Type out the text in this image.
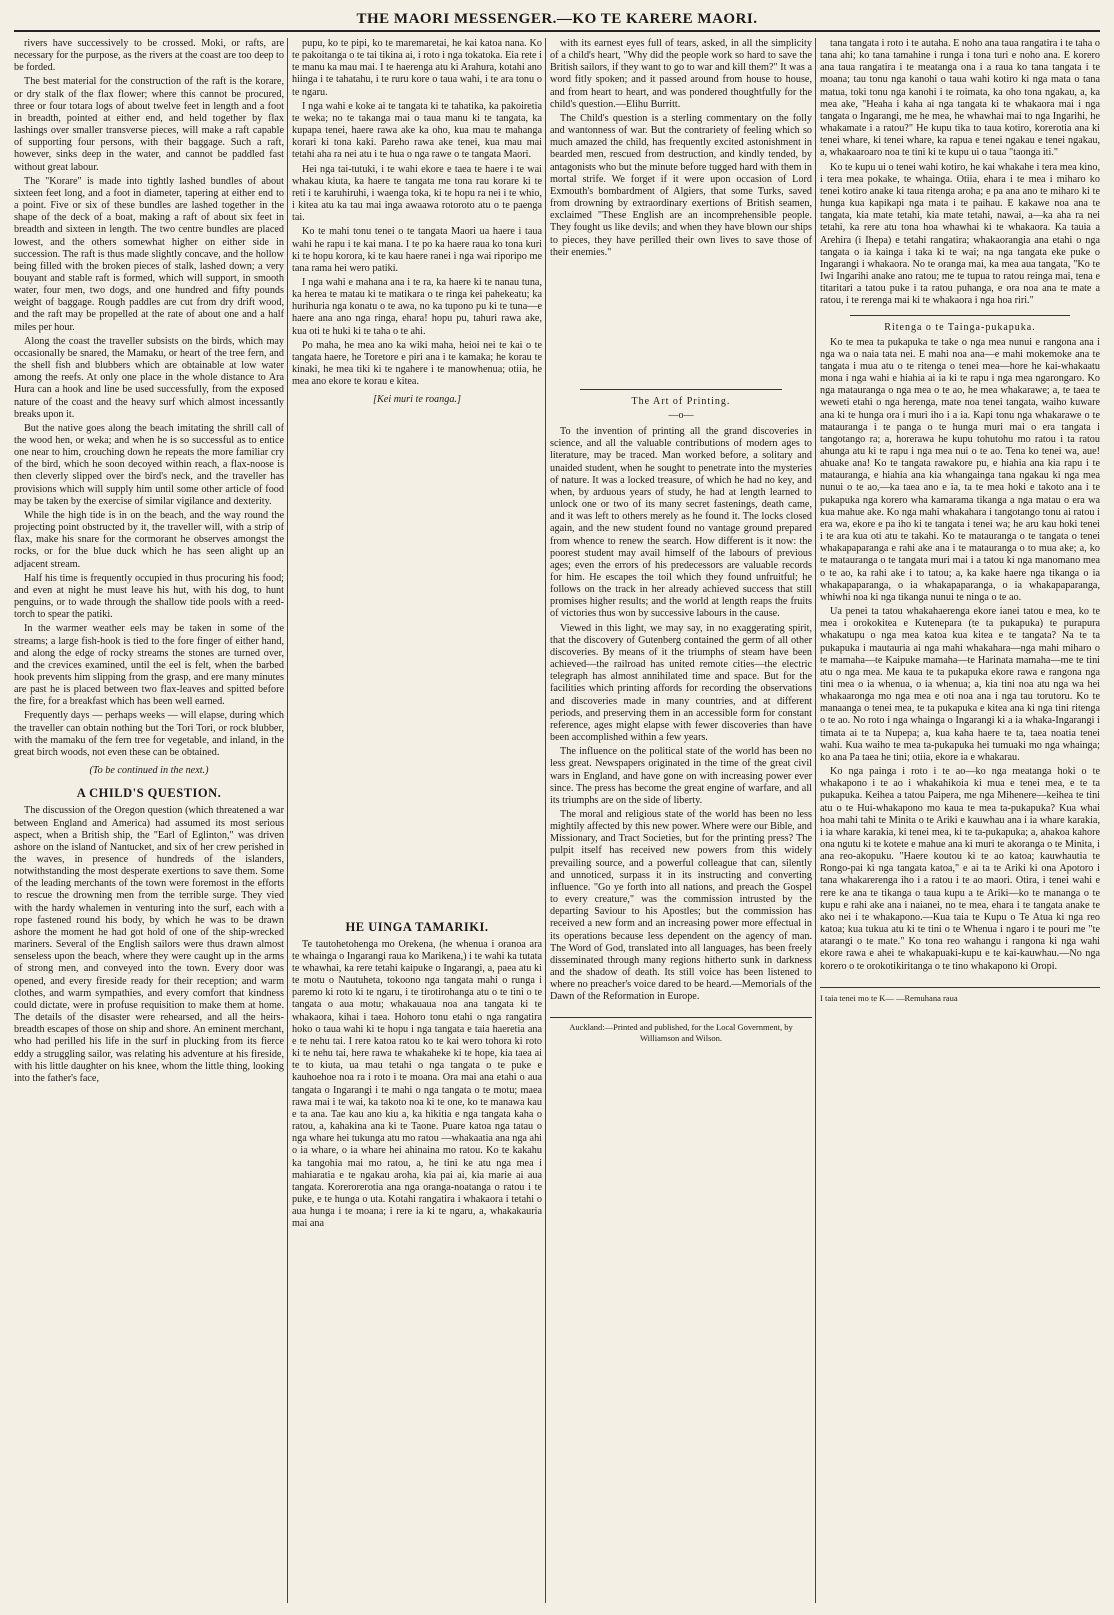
THE MAORI MESSENGER.—KO TE KARERE MAORI.

rivers have successively to be crossed. Moki, or rafts, are necessary for the purpose, as the rivers at the coast are too deep to be forded.

The best material for the construction of the raft is the korare, or dry stalk of the flax flower; where this cannot be procured, three or four totara logs of about twelve feet in length and a foot in breadth, pointed at either end, and held together by flax lashings over smaller transverse pieces, will make a raft capable of supporting four persons, with their baggage. Such a raft, however, sinks deep in the water, and cannot be paddled fast without great labour.

The "Korare" is made into tightly lashed bundles of about sixteen feet long, and a foot in diameter, tapering at either end to a point. Five or six of these bundles are lashed together in the shape of the deck of a boat, making a raft of about six feet in breadth and sixteen in length. The two centre bundles are placed lowest, and the others somewhat higher on either side in succession. The raft is thus made slightly concave, and the hollow being filled with the broken pieces of stalk, lashed down; a very bouyant and stable raft is formed, which will support, in smooth water, four men, two dogs, and one hundred and fifty pounds weight of baggage. Rough paddles are cut from dry drift wood, and the raft may be propelled at the rate of about one and a half miles per hour.

Along the coast the traveller subsists on the birds, which may occasionally be snared, the Mamaku, or heart of the tree fern, and the shell fish and blubbers which are obtainable at low water among the reefs. At only one place in the whole distance to Ara Hura can a hook and line be used successfully, from the exposed nature of the coast and the heavy surf which almost incessantly breaks upon it.

But the native goes along the beach imitating the shrill call of the wood hen, or weka; and when he is so successful as to entice one near to him, crouching down he repeats the more familiar cry of the bird, which he soon decoyed within reach, a flax-noose is then cleverly slipped over the bird's neck, and the traveller has provisions which will supply him until some other article of food may be taken by the exercise of similar vigilance and dexterity.

While the high tide is in on the beach, and the way round the projecting point obstructed by it, the traveller will, with a strip of flax, make his snare for the cormorant he observes amongst the rocks, or for the blue duck which he has seen alight up an adjacent stream.

Half his time is frequently occupied in thus procuring his food; and even at night he must leave his hut, with his dog, to hunt penguins, or to wade through the shallow tide pools with a reed-torch to spear the patiki.

In the warmer weather eels may be taken in some of the streams; a large fish-hook is tied to the fore finger of either hand, and along the edge of rocky streams the stones are turned over, and the crevices examined, until the eel is felt, when the barbed hook prevents him slipping from the grasp, and ere many minutes are past he is placed between two flax-leaves and spitted before the fire, for a breakfast which has been well earned.

Frequently days — perhaps weeks — will elapse, during which the traveller can obtain nothing but the Tori Tori, or rock blubber, with the mamaku of the fern tree for vegetable, and inland, in the great birch woods, not even these can be obtained.

(To be continued in the next.)

A CHILD'S QUESTION.

The discussion of the Oregon question (which threatened a war between England and America) had assumed its most serious aspect, when a British ship, the "Earl of Eglinton," was driven ashore on the island of Nantucket, and six of her crew perished in the waves, in presence of hundreds of the islanders, notwithstanding the most desperate exertions to save them. Some of the leading merchants of the town were foremost in the efforts to rescue the drowning men from the terrible surge. They vied with the hardy whalemen in venturing into the surf, each with a rope fastened round his body, by which he was to be drawn ashore the moment he had got hold of one of the ship-wrecked mariners. Several of the English sailors were thus drawn almost senseless upon the beach, where they were caught up in the arms of strong men, and conveyed into the town. Every door was opened, and every fireside ready for their reception; and warm clothes, and warm sympathies, and every comfort that kindness could dictate, were in profuse requisition to make them at home. The details of the disaster were rehearsed, and all the heirs-breadth escapes of those on ship and shore. An eminent merchant, who had perilled his life in the surf in plucking from its fierce eddy a struggling sailor, was relating his adventure at his fireside, with his little daughter on his knee, whom the little thing, looking into the father's face,

pupu, ko te pipi, ko te maremaretai, he kai katoa nana. Ko te pakoitanga o te tai tikina ai, i roto i nga tokatoka. Eia rete i te manu ka mau mai. I te haerenga atu ki Arahura, kotahi ano hiinga i te tahatahu, i te ruru kore o taua wahi, i te ara tonu o te ngaru.

I nga wahi e koke ai te tangata ki te tahatika, ka pakoiretia te weka; no te takanga mai o taua manu ki te tangata, ka kupapa tenei, haere rawa ake ka oho, kua mau te mahanga korari ki tona kaki. Pareho rawa ake tenei, kua mau mai tetahi aha ra nei atu i te hua o nga rawe o te tangata Maori.

Hei nga tai-tutuki, i te wahi ekore e taea te haere i te wai whakau kiuta, ka haere te tangata me tona rau korare ki te reti i te karuhiruhi, i waenga toka, ki te hopu ra nei i te whio, i kitea atu ka tau mai inga awaawa rotoroto atu o te paenga tai.

Ko te mahi tonu tenei o te tangata Maori ua haere i taua wahi he rapu i te kai mana. I te po ka haere raua ko tona kuri ki te hopu korora, ki te kau haere ranei i nga wai riporipo me tana rama hei wero patiki.

I nga wahi e mahana ana i te ra, ka haere ki te nanau tuna, ka herea te matau ki te matikara o te ringa kei pahekeatu; ka hurihuria nga konatu o te awa, no ka tupono pu ki te tuna—e haere ana ano nga ringa, ehara! hopu pu, tahuri rawa ake, kua oti te huki ki te taha o te ahi.

Po maha, he mea ano ka wiki maha, heioi nei te kai o te tangata haere, he Toretore e piri ana i te kamaka; he korau te kinaki, he mea tiki ki te ngahere i te manowhenua; otiia, he mea ano ekore te korau e kitea.

[Kei muri te roanga.]

HE UINGA TAMARIKI.

Te tautohetohenga mo Orekena, (he whenua i oranoa ara te whainga o Ingarangi raua ko Marikena,) i te wahi ka tutata te whawhai, ka rere tetahi kaipuke o Ingarangi, a, paea atu ki te motu o Nautuheta, tokoono nga tangata mahi o runga i paremo ki roto ki te ngaru, i te tirotirohanga atu o te tini o te tangata o aua motu; whakauaua noa ana tangata ki te whakaora, kihai i taea. Hohoro tonu etahi o nga rangatira hoko o taua wahi ki te hopu i nga tangata e taia haeretia ana e te nehu tai. I rere katoa ratou ko te kai wero tohora ki roto ki te nehu tai, here rawa te whakaheke ki te hope, kia taea ai te to kiuta, ua mau tetahi o nga tangata o te puke e kauhoehoe noa ra i roto i te moana. Ora mai ana etahi o aua tangata o Ingarangi i te mahi o nga tangata o te motu; maea rawa mai i te wai, ka takoto noa ki te one, ko te manawa kau e ta ana. Tae kau ano kiu a, ka hikitia e nga tangata kaha o ratou, a, kahakina ana ki te Taone. Puare katoa nga tatau o nga whare hei tukunga atu mo ratou —whakaatia ana nga ahi o ia whare, o ia whare hei ahinaina mo ratou. Ko te kakahu ka tangohia mai mo ratou, a, he tini ke atu nga mea i mahiaratia e te ngakau aroha, kia pai ai, kia marie ai aua tangata. Korerorerotia ana nga oranga-noatanga o ratou i te puke, e te hunga o uta. Kotahi rangatira i whakaora i tetahi o aua hunga i te moana; i rere ia ki te ngaru, a, whakakauria mai ana

with its earnest eyes full of tears, asked, in all the simplicity of a child's heart, "Why did the people work so hard to save the British sailors, if they want to go to war and kill them?" It was a word fitly spoken; and it passed around from house to house, and from heart to heart, and was pondered thoughtfully for the child's question.—Elihu Burritt.

The Child's question is a sterling commentary on the folly and wantonness of war. But the contrariety of feeling which so much amazed the child, has frequently excited astonishment in bearded men, rescued from destruction, and kindly tended, by antagonists who but the minute before tugged hard with them in mortal strife. We forget if it were upon occasion of Lord Exmouth's bombardment of Algiers, that some Turks, saved from drowning by extraordinary exertions of British seamen, exclaimed "These English are an incomprehensible people. They fought us like devils; and when they have blown our ships to pieces, they have perilled their own lives to save those of their enemies."

The Art of Printing.

—o—

To the invention of printing all the grand discoveries in science, and all the valuable contributions of modern ages to literature, may be traced. Man worked before, a solitary and unaided student, when he sought to penetrate into the mysteries of nature. It was a locked treasure, of which he had no key, and when, by arduous years of study, he had at length learned to unlock one or two of its many secret fastenings, death came, and it was left to others merely as he found it. The locks closed again, and the new student found no vantage ground prepared from whence to renew the search. How different is it now: the poorest student may avail himself of the labours of previous ages; even the errors of his predecessors are valuable records for him. He escapes the toil which they found unfruitful; he follows on the track in her already achieved success that still promises higher results; and the world at length reaps the fruits of victories thus won by successive labours in the cause.

Viewed in this light, we may say, in no exaggerating spirit, that the discovery of Gutenberg contained the germ of all other discoveries. By means of it the triumphs of steam have been achieved—the railroad has united remote cities—the electric telegraph has almost annihilated time and space. But for the facilities which printing affords for recording the observations and discoveries made in many countries, and at different periods, and preserving them in an accessible form for constant reference, ages might elapse with fewer discoveries than have been accomplished within a few years.

The influence on the political state of the world has been no less great. Newspapers originated in the time of the great civil wars in England, and have gone on with increasing power ever since. The press has become the great engine of warfare, and all its triumphs are on the side of liberty.

The moral and religious state of the world has been no less mightily affected by this new power. Where were our Bible, and Missionary, and Tract Societies, but for the printing press? The pulpit itself has received new powers from this widely prevailing source, and a powerful colleague that can, silently and unnoticed, surpass it in its instructing and converting influence. "Go ye forth into all nations, and preach the Gospel to every creature," was the commission intrusted by the departing Saviour to his Apostles; but the commission has received a new form and an increasing power more effectual in its operations because less dependent on the agency of man. The Word of God, translated into all languages, has been freely disseminated through many regions hitherto sunk in darkness and the shadow of death. Its still voice has been listened to where no preacher's voice dared to be heard.—Memorials of the Dawn of the Reformation in Europe.

Auckland:—Printed and published, for the Local Government, by Williamson and Wilson.

tana tangata i roto i te autaha. E noho ana taua rangatira i te taha o tana ahi; ko tana tamahine i runga i tona turi e noho ana. E korero ana taua rangatira i te meatanga ona i a raua ko tana tangata i te moana; tau tonu nga kanohi o taua wahi kotiro ki nga mata o tana matua, toki tonu nga kanohi i te roimata, ka oho tona ngakau, a, ka mea ake, "Heaha i kaha ai nga tangata ki te whakaora mai i nga tangata o Ingarangi, me he mea, he whawhai mai to nga Ingarihi, he whakamate i a ratou?" He kupu tika to taua kotiro, korerotia ana ki tenei whare, ki tenei whare, ka rapua e tenei ngakau e tenei ngakau, a, whakaaroaro noa te tini ki te kupu ui o taua "taonga iti."

Ko te kupu ui o tenei wahi kotiro, he kai whakahe i tera mea kino, i tera mea pokake, te whainga. Otiia, ehara i te mea i miharo ko tenei kotiro anake ki taua ritenga aroha; e pa ana ano te miharo ki te hunga kua kapikapi nga mata i te paihau. E kakawe noa ana te tangata, kia mate tetahi, kia mate tetahi, nawai, a—ka aha ra nei tetahi, ka rere atu tona hoa whawhai ki te whakaora. Ka tauia a Arehira (i Ihepa) e tetahi rangatira; whakaorangia ana etahi o nga tangata o ia kainga i taka ki te wai; na nga tangata eke puke o Ingarangi i whakaora. No te oranga mai, ka mea aua tangata, "Ko te Iwi Ingarihi anake ano ratou; me te tupua to ratou reinga mai, tena e titaritari a tatou puke i ta ratou puhanga, e ora noa ana te mate a ratou, i te rerenga mai ki te whakaora i nga hoa riri."

Ritenga o te Tainga-pukapuka.

Ko te mea ta pukapuka te take o nga mea nunui e rangona ana i nga wa o naia tata nei. E mahi noa ana—e mahi mokemoke ana te tangata i mua atu o te ritenga o tenei mea—hore he kai-whakaatu mona i nga wahi e hiahia ai ia ki te rapu i nga mea ngarongaro. Ko nga matauranga o nga mea o te ao, he mea whakarawe; a, te taea te weweti etahi o nga herenga, mate noa tenei tangata, waiho kuware ana ki te hunga ora i muri iho i a ia. Kapi tonu nga whakarawe o te matauranga i te panga o te hunga muri mai o era tangata i tangotango ra; a, horerawa he kupu tohutohu mo ratou i ta ratou ahunga atu ki te rapu i nga mea nui o te ao. Tena ko tenei wa, aue! ahuake ana! Ko te tangata rawakore pu, e hiahia ana kia rapu i te matauranga, e hiahia ana kia whangainga tana ngakau ki nga mea nunui o te ao,—ka taea ano e ia, ta te mea hoki e takoto ana i te pukapuka nga korero wha kamarama tikanga a nga matau o era wa kua mahue ake. Ko nga mahi whakahara i tangotango tonu ai ratou i era wa, ekore e pa iho ki te tangata i tenei wa; he aru kau hoki tenei i te ara kua oti atu te takahi. Ko te matauranga o te tangata o tenei whakapaparanga e rahi ake ana i te matauranga o to mua ake; a, ko te matauranga o te tangata muri mai i a tatou ki nga manomano mea o te ao, ka rahi ake i to tatou; a, ka kake haere nga tikanga o ia whakapaparanga, o ia whakapaparanga, o ia whakapaparanga, whiwhi noa ki nga tikanga nunui te ninga o te ao.

Ua penei ta tatou whakahaerenga ekore ianei tatou e mea, ko te mea i orokokitea e Kutenepara (te ta pukapuka) te purapura whakatupu o nga mea katoa kua kitea e te tangata? Na te ta pukapuka i mautauria ai nga mahi whakahara—nga mahi miharo o te mamaha—te Kaipuke mamaha—te Harinata mamaha—me te tini atu o nga mea. Me kaua te ta pukapuka ekore rawa e rangona nga tini mea o ia whenua, o ia whenua; a, kia tini noa atu nga wa hei whakaaronga mo nga mea e oti noa ana i nga tau torutoru. Ko te manaanga o tenei mea, te ta pukapuka e kitea ana ki nga tini ritenga o te ao. No roto i nga whainga o Ingarangi ki a ia whaka-Ingarangi i timata ai te ta Nupepa; a, kua kaha haere te ta, taea noatia tenei wahi. Kua waiho te mea ta-pukapuka hei tumuaki mo nga whainga; ko ana Pa taea he tini; otiia, ekore ia e whakarau.

Ko nga painga i roto i te ao—ko nga meatanga hoki o te whakapono i te ao i whakahikoia ki mua e tenei mea, e te ta pukapuka. Keihea a tatou Paipera, me nga Mihenere—keihea te tini atu o te Hui-whakapono mo kaua te mea ta-pukapuka? Kua whai hoa mahi tahi te Minita o te Ariki e kauwhau ana i ia whare karakia, i ia whare karakia, ki tenei mea, ki te ta-pukapuka; a, ahakoa kahore ona ngutu ki te kotete e mahue ana ki muri te akoranga o te Minita, i ana reo-akopuku. "Haere koutou ki te ao katoa; kauwhautia te Rongo-pai ki nga tangata katoa," e ai ta te Ariki ki ona Apotoro i tana whakarerenga iho i a ratou i te ao maori. Otira, i tenei wahi e rere ke ana te tikanga o taua kupu a te Ariki—ko te mananga o te kupu e rahi ake ana i naianei, no te mea, ehara i te tangata anake te ako nei i te whakapono.—Kua taia te Kupu o Te Atua ki nga reo katoa; kua tukua atu ki te tini o te Whenua i ngaro i te pouri me "te atarangi o te mate." Ko tona reo wahangu i rangona ki nga wahi ekore rawa e ahei te whakapuaki-kupu e te kai-kauwhau.—No nga korero o te orokotikiritanga o te tino whakapono ki Oropi.

I taia tenei mo te K— —Remuhana raua
